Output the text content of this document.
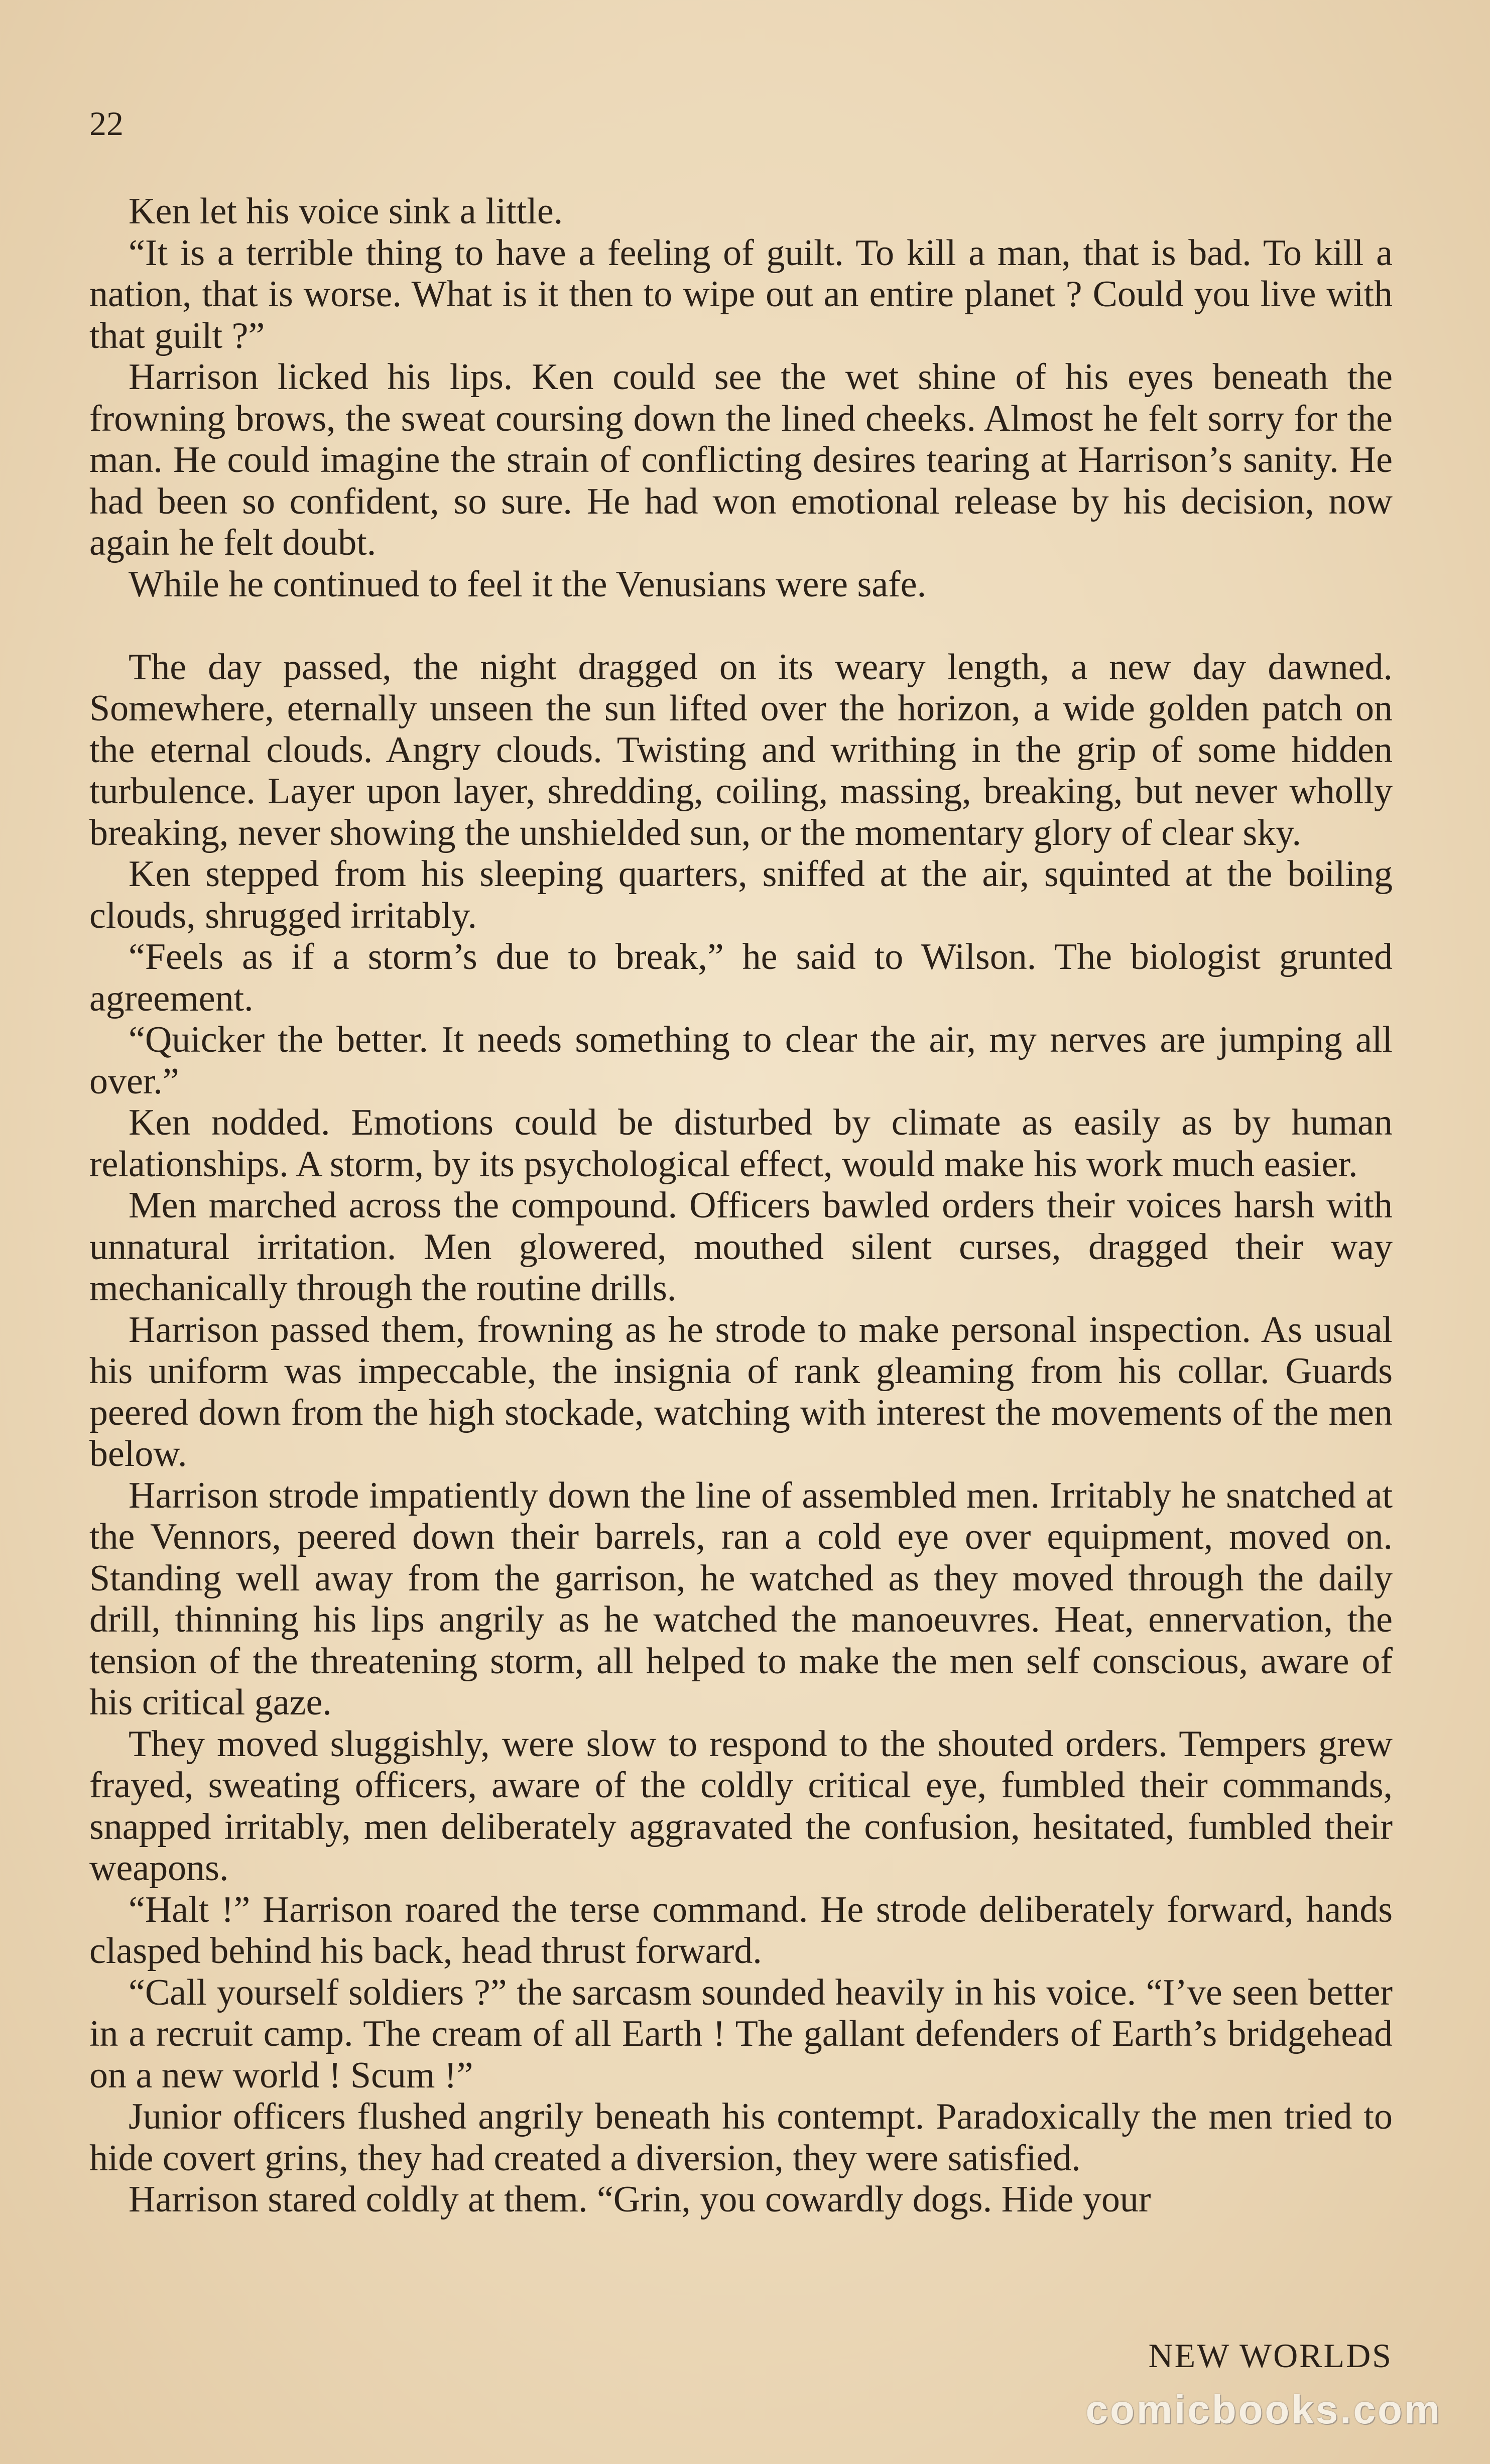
22

Ken let his voice sink a little.

“It is a terrible thing to have a feeling of guilt. To kill a man, that is bad. To kill a nation, that is worse. What is it then to wipe out an entire planet ? Could you live with that guilt ?”

Harrison licked his lips. Ken could see the wet shine of his eyes beneath the frowning brows, the sweat coursing down the lined cheeks. Almost he felt sorry for the man. He could imagine the strain of conflicting desires tearing at Harrison’s sanity. He had been so confident, so sure. He had won emotional release by his decision, now again he felt doubt.

While he continued to feel it the Venusians were safe.

The day passed, the night dragged on its weary length, a new day dawned. Somewhere, eternally unseen the sun lifted over the horizon, a wide golden patch on the eternal clouds. Angry clouds. Twisting and writhing in the grip of some hidden turbulence. Layer upon layer, shredding, coiling, massing, breaking, but never wholly breaking, never showing the unshielded sun, or the momentary glory of clear sky.

Ken stepped from his sleeping quarters, sniffed at the air, squinted at the boiling clouds, shrugged irritably.

“Feels as if a storm’s due to break,” he said to Wilson. The biologist grunted agreement.

“Quicker the better. It needs something to clear the air, my nerves are jumping all over.”

Ken nodded. Emotions could be disturbed by climate as easily as by human relationships. A storm, by its psychological effect, would make his work much easier.

Men marched across the compound. Officers bawled orders their voices harsh with unnatural irritation. Men glowered, mouthed silent curses, dragged their way mechanically through the routine drills.

Harrison passed them, frowning as he strode to make personal inspection. As usual his uniform was impeccable, the insignia of rank gleaming from his collar. Guards peered down from the high stockade, watching with interest the movements of the men below.

Harrison strode impatiently down the line of assembled men. Irritably he snatched at the Vennors, peered down their barrels, ran a cold eye over equipment, moved on. Standing well away from the garrison, he watched as they moved through the daily drill, thinning his lips angrily as he watched the manoeuvres. Heat, ennervation, the tension of the threatening storm, all helped to make the men self conscious, aware of his critical gaze.

They moved sluggishly, were slow to respond to the shouted orders. Tempers grew frayed, sweating officers, aware of the coldly critical eye, fumbled their commands, snapped irritably, men deliberately aggravated the confusion, hesitated, fumbled their weapons.

“Halt !” Harrison roared the terse command. He strode deliberately forward, hands clasped behind his back, head thrust forward.

“Call yourself soldiers ?” the sarcasm sounded heavily in his voice. “I’ve seen better in a recruit camp. The cream of all Earth ! The gallant defenders of Earth’s bridgehead on a new world ! Scum !”

Junior officers flushed angrily beneath his contempt. Paradoxically the men tried to hide covert grins, they had created a diversion, they were satisfied.

Harrison stared coldly at them. “Grin, you cowardly dogs. Hide your

NEW WORLDS
comicbooks.com
